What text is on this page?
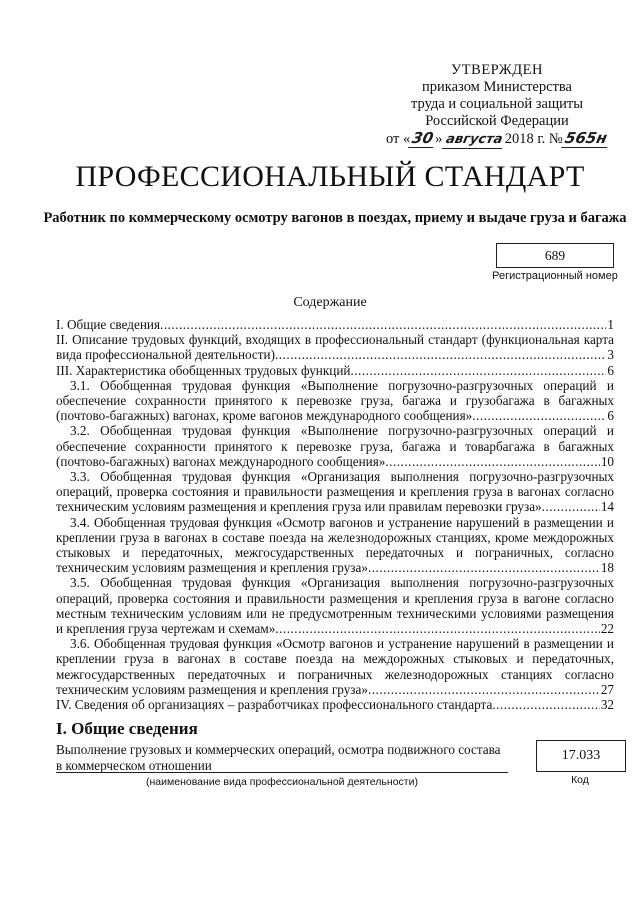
УТВЕРЖДЕН
приказом Министерства
труда и социальной защиты
Российской Федерации
от «30» августа2018 г. №565н
ПРОФЕССИОНАЛЬНЫЙ СТАНДАРТ
Работник по коммерческому осмотру вагонов в поездах, приему и выдаче груза и багажа
689
Регистрационный номер
Содержание
I. Общие сведения .....	1
II. Описание трудовых функций, входящих в профессиональный стандарт (функциональная карта
вида профессиональной деятельности) .....	3
III. Характеристика обобщенных трудовых функций .....	6
3.1. Обобщенная трудовая функция «Выполнение погрузочно-разгрузочных операций и
обеспечение сохранности принятого к перевозке груза, багажа и грузобагажа в багажных
(почтово-багажных) вагонах, кроме вагонов международного сообщения» .....	6
3.2. Обобщенная трудовая функция «Выполнение погрузочно-разгрузочных операций и
обеспечение сохранности принятого к перевозке груза, багажа и товарбагажа в багажных
(почтово-багажных) вагонах международного сообщения» .....	10
3.3. Обобщенная трудовая функция «Организация выполнения погрузочно-разгрузочных
операций, проверка состояния и правильности размещения и крепления груза в вагонах согласно
техническим условиям размещения и крепления груза или правилам перевозки груза» .....	14
3.4. Обобщенная трудовая функция «Осмотр вагонов и устранение нарушений в размещении и
креплении груза в вагонах в составе поезда на железнодорожных станциях, кроме междорожных
стыковых и передаточных, межгосударственных передаточных и пограничных, согласно
техническим условиям размещения и крепления груза» .....	18
3.5. Обобщенная трудовая функция «Организация выполнения погрузочно-разгрузочных
операций, проверка состояния и правильности размещения и крепления груза в вагоне согласно
местным техническим условиям или не предусмотренным техническими условиями размещения
и крепления груза чертежам и схемам» .....	22
3.6. Обобщенная трудовая функция «Осмотр вагонов и устранение нарушений в размещении и
креплении груза в вагонах в составе поезда на междорожных стыковых и передаточных,
межгосударственных передаточных и пограничных железнодорожных станциях согласно
техническим условиям размещения и крепления груза» .....	27
IV. Сведения об организациях – разработчиках профессионального стандарта .....	32
I. Общие сведения
Выполнение грузовых и коммерческих операций, осмотра подвижного состава
в коммерческом отношении
(наименование вида профессиональной деятельности)
17.033
Код
